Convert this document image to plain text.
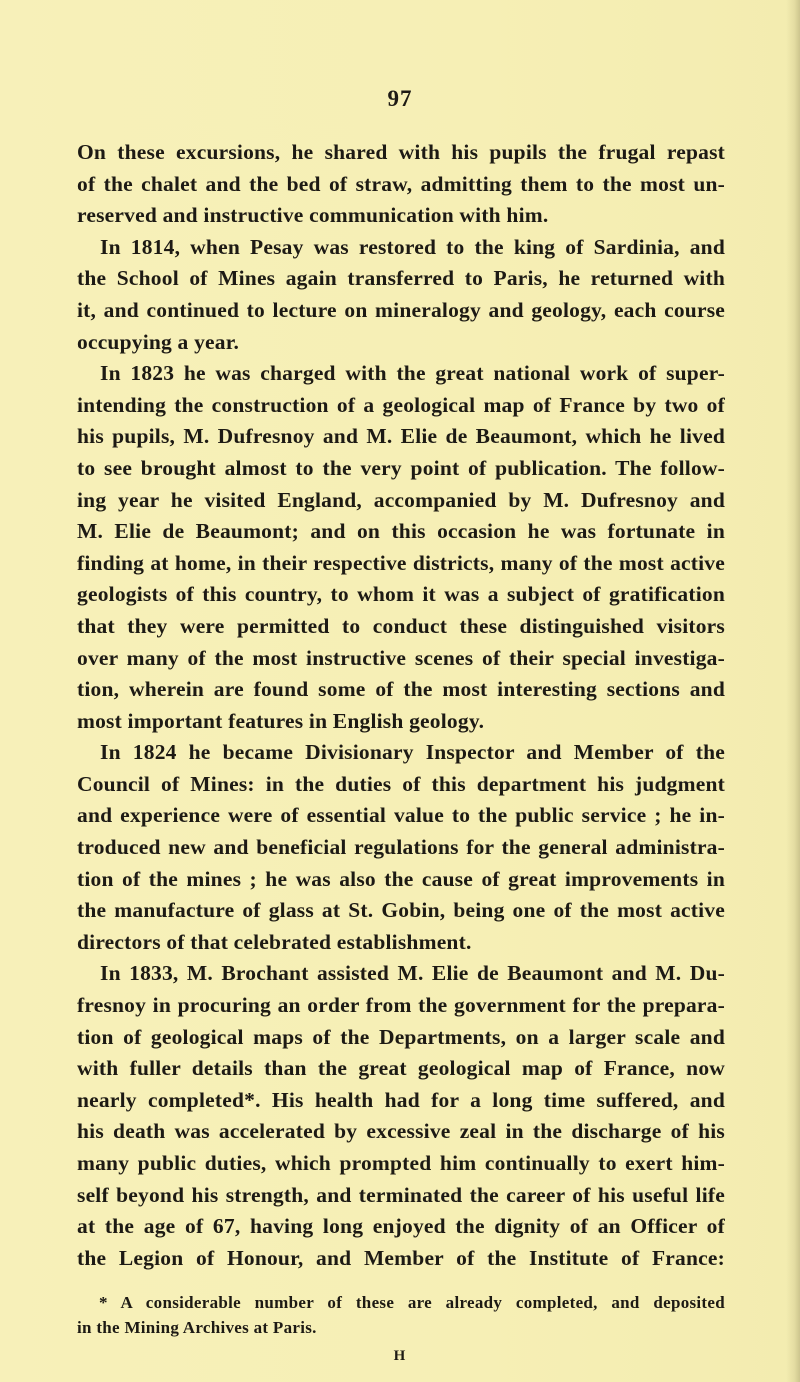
97
On these excursions, he shared with his pupils the frugal repast
of the chalet and the bed of straw, admitting them to the most un-
reserved and instructive communication with him.
In 1814, when Pesay was restored to the king of Sardinia, and
the School of Mines again transferred to Paris, he returned with
it, and continued to lecture on mineralogy and geology, each course
occupying a year.
In 1823 he was charged with the great national work of super-
intending the construction of a geological map of France by two of
his pupils, M. Dufresnoy and M. Elie de Beaumont, which he lived
to see brought almost to the very point of publication. The follow-
ing year he visited England, accompanied by M. Dufresnoy and
M. Elie de Beaumont; and on this occasion he was fortunate in
finding at home, in their respective districts, many of the most active
geologists of this country, to whom it was a subject of gratification
that they were permitted to conduct these distinguished visitors
over many of the most instructive scenes of their special investiga-
tion, wherein are found some of the most interesting sections and
most important features in English geology.
In 1824 he became Divisionary Inspector and Member of the
Council of Mines: in the duties of this department his judgment
and experience were of essential value to the public service ; he in-
troduced new and beneficial regulations for the general administra-
tion of the mines ; he was also the cause of great improvements in
the manufacture of glass at St. Gobin, being one of the most active
directors of that celebrated establishment.
In 1833, M. Brochant assisted M. Elie de Beaumont and M. Du-
fresnoy in procuring an order from the government for the prepara-
tion of geological maps of the Departments, on a larger scale and
with fuller details than the great geological map of France, now
nearly completed*. His health had for a long time suffered, and
his death was accelerated by excessive zeal in the discharge of his
many public duties, which prompted him continually to exert him-
self beyond his strength, and terminated the career of his useful life
at the age of 67, having long enjoyed the dignity of an Officer of
the Legion of Honour, and Member of the Institute of France:
* A considerable number of these are already completed, and deposited
in the Mining Archives at Paris.
H
